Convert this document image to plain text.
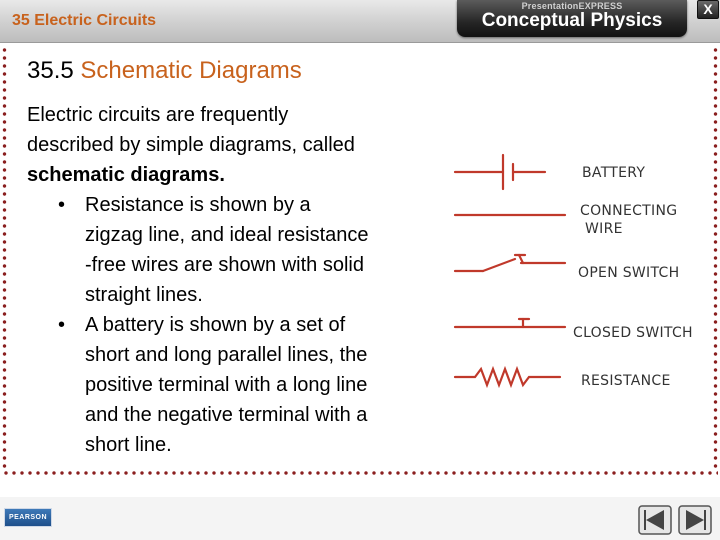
35 Electric Circuits
PresentationEXPRESS
Conceptual Physics
X
35.5 Schematic Diagrams
Electric circuits are frequently
described by simple diagrams, called
schematic diagrams.
• Resistance is shown by a
zigzag line, and ideal resistance
-free wires are shown with solid
straight lines.
• A battery is shown by a set of
short and long parallel lines, the
positive terminal with a long line
and the negative terminal with a
short line.
BATTERY
CONNECTING
WIRE
OPEN SWITCH
CLOSED SWITCH
RESISTANCE
PEARSON
